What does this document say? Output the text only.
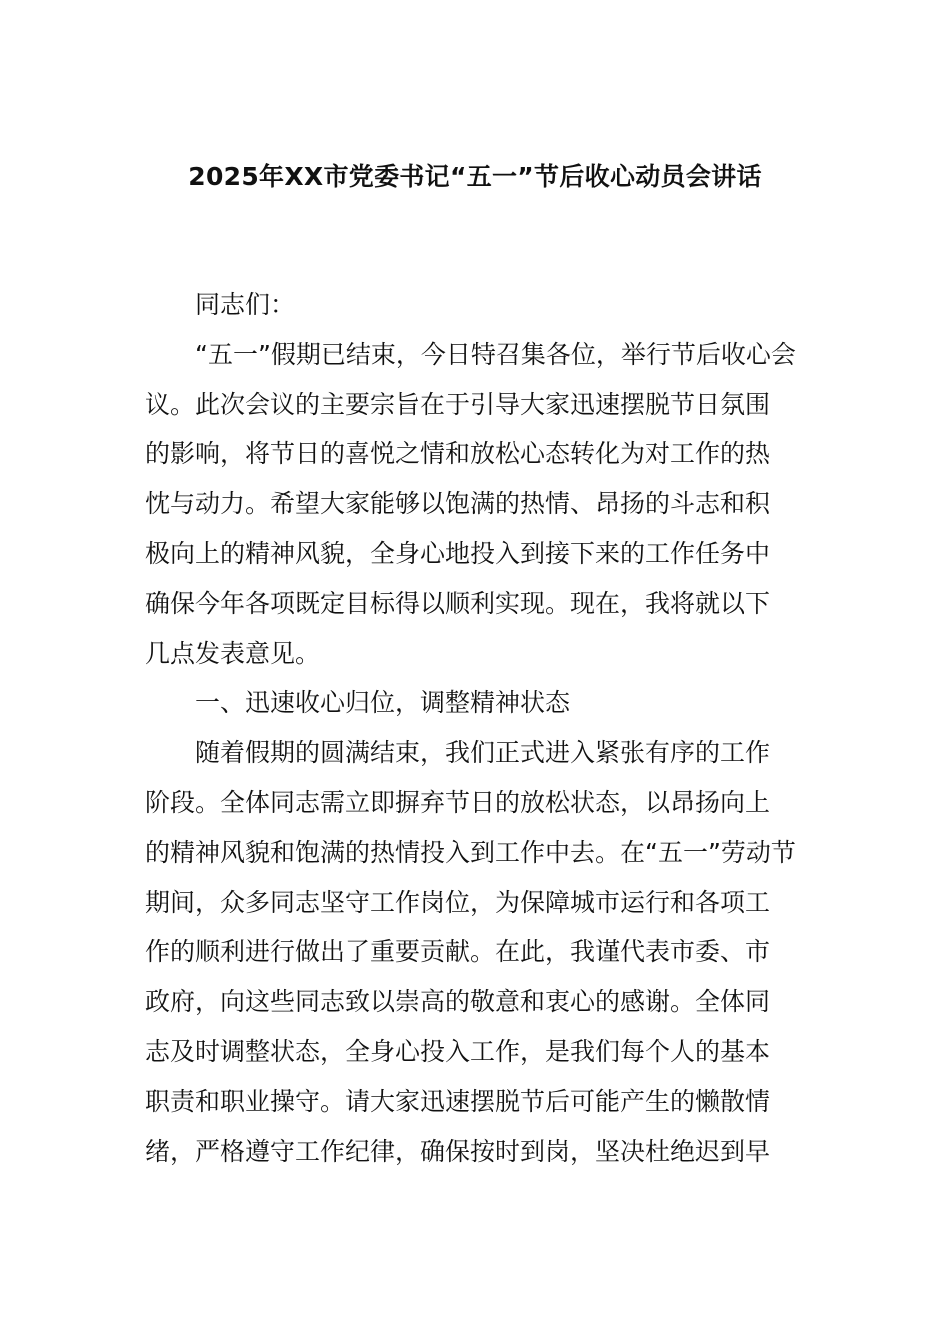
2025年XX市党委书记“五一”节后收心动员会讲话
同志们：
“五一”假期已结束，今日特召集各位，举行节后收心会
议。此次会议的主要宗旨在于引导大家迅速摆脱节日氛围
的影响，将节日的喜悦之情和放松心态转化为对工作的热
忱与动力。希望大家能够以饱满的热情、昂扬的斗志和积
极向上的精神风貌，全身心地投入到接下来的工作任务中
确保今年各项既定目标得以顺利实现。现在，我将就以下
几点发表意见。
一、迅速收心归位，调整精神状态
随着假期的圆满结束，我们正式进入紧张有序的工作
阶段。全体同志需立即摒弃节日的放松状态，以昂扬向上
的精神风貌和饱满的热情投入到工作中去。在“五一”劳动节
期间，众多同志坚守工作岗位，为保障城市运行和各项工
作的顺利进行做出了重要贡献。在此，我谨代表市委、市
政府，向这些同志致以崇高的敬意和衷心的感谢。全体同
志及时调整状态，全身心投入工作，是我们每个人的基本
职责和职业操守。请大家迅速摆脱节后可能产生的懒散情
绪，严格遵守工作纪律，确保按时到岗，坚决杜绝迟到早
